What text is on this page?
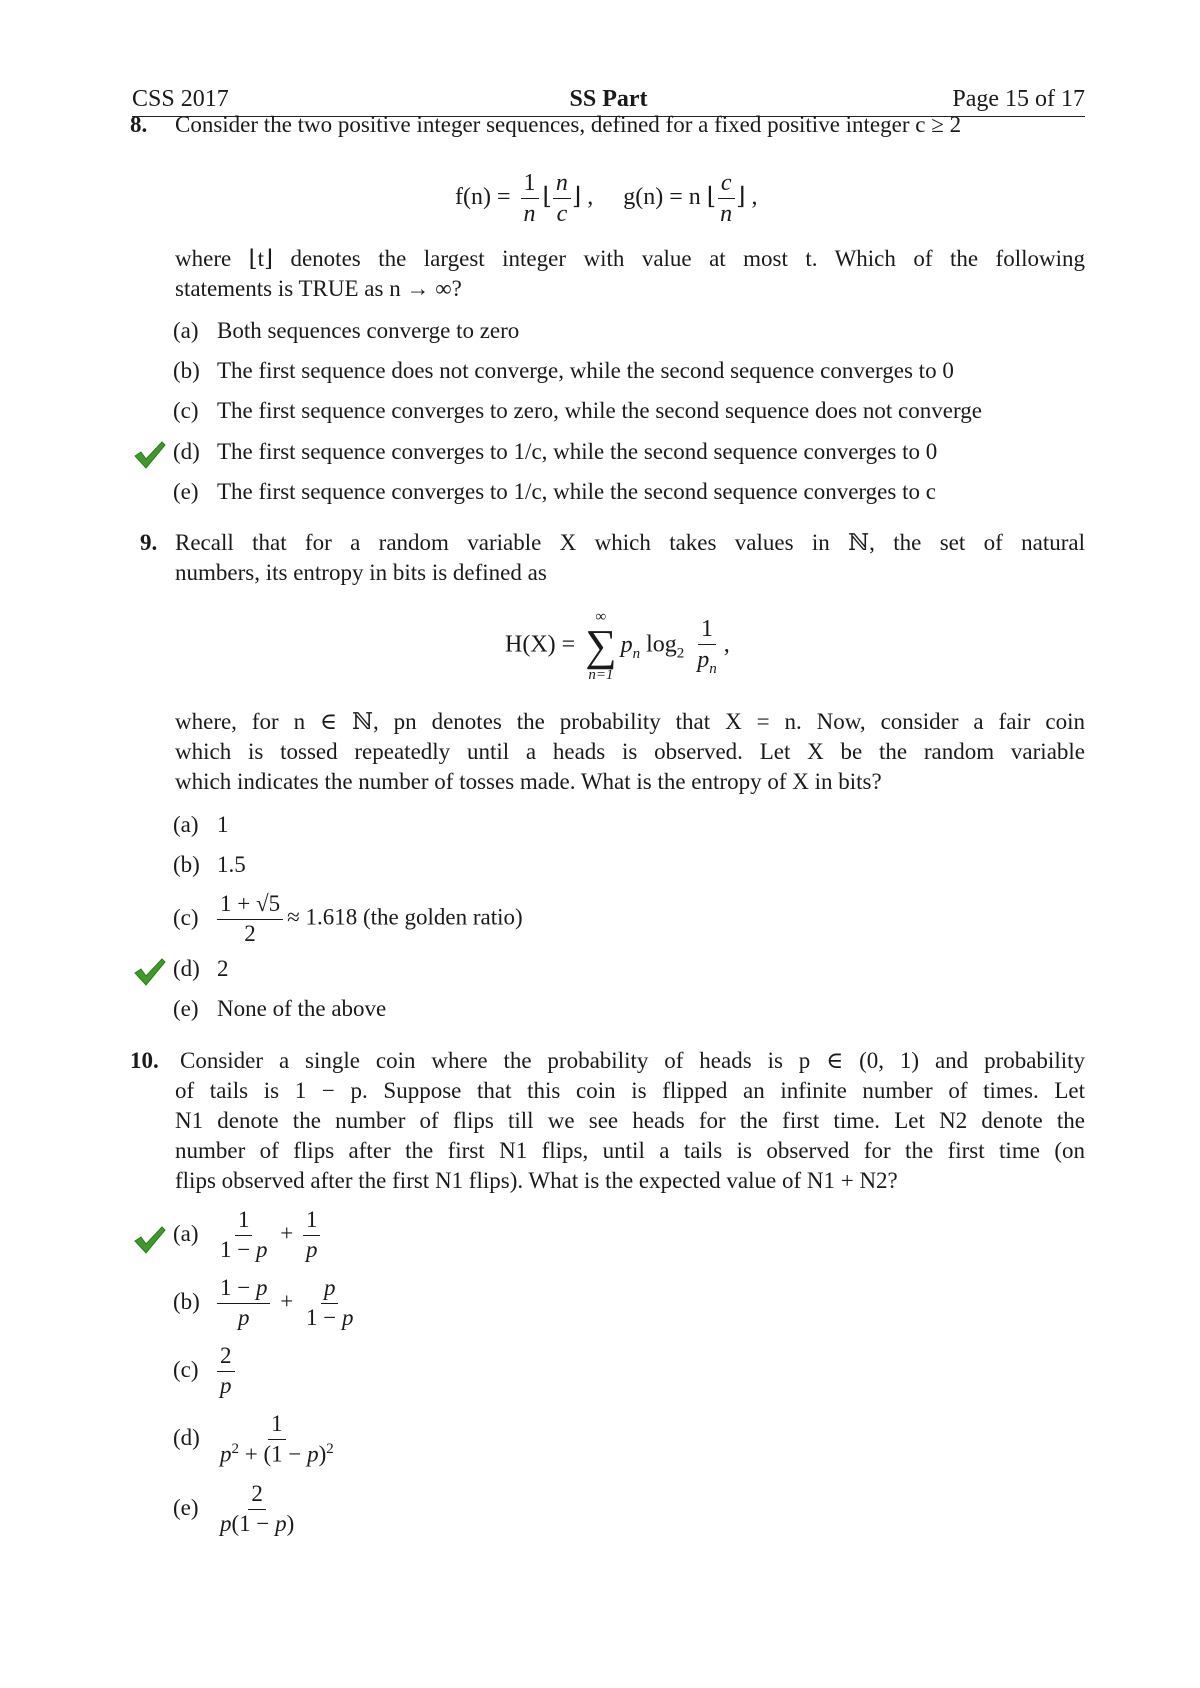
CSS 2017	SS Part	Page 15 of 17
8. Consider the two positive integer sequences, defined for a fixed positive integer c ≥ 2
$f(n) = \frac{1}{n}$ ⌊ $\frac{n}{c}$ ⌋ ,     g(n) = n ⌊ $\frac{c}{n}$ ⌋ ,
where ⌊t⌋ denotes the largest integer with value at most t. Which of the following
statements is TRUE as n → ∞?
(a) Both sequences converge to zero
(b) The first sequence does not converge, while the second sequence converges to 0
(c) The first sequence converges to zero, while the second sequence does not converge
(d) The first sequence converges to 1/c, while the second sequence converges to 0
(e) The first sequence converges to 1/c, while the second sequence converges to c
9. Recall that for a random variable X which takes values in ℕ, the set of natural
numbers, its entropy in bits is defined as
H(X) =
∞
∑
n=1
$p_n$ $\log_2 \frac{1}{p_n}$ ,
where, for n ∈ ℕ, pn denotes the probability that X = n. Now, consider a fair coin
which is tossed repeatedly until a heads is observed. Let X be the random variable
which indicates the number of tosses made. What is the entropy of X in bits?
(a) 1
(b) 1.5
$(c) \frac{1 + √5}{2} \approx 1.618$ (the golden ratio)
(d) 2
(e) None of the above
10. Consider a single coin where the probability of heads is p ∈ (0, 1) and probability
of tails is 1 − p. Suppose that this coin is flipped an infinite number of times. Let
N1 denote the number of flips till we see heads for the first time. Let N2 denote the
number of flips after the first N1 flips, until a tails is observed for the first time (on
flips observed after the first N1 flips). What is the expected value of N1 + N2?
$(a) \frac{1}{1 - p} + \frac{1}{p}$
$(b) \frac{1 - p}{p} + \frac{p}{1 - p}$
$(c) \frac{2}{p}$
$(d) \frac{1}{p^2 + (1 - p)^2}$
$(e) \frac{2}{p(1 - p)}$
